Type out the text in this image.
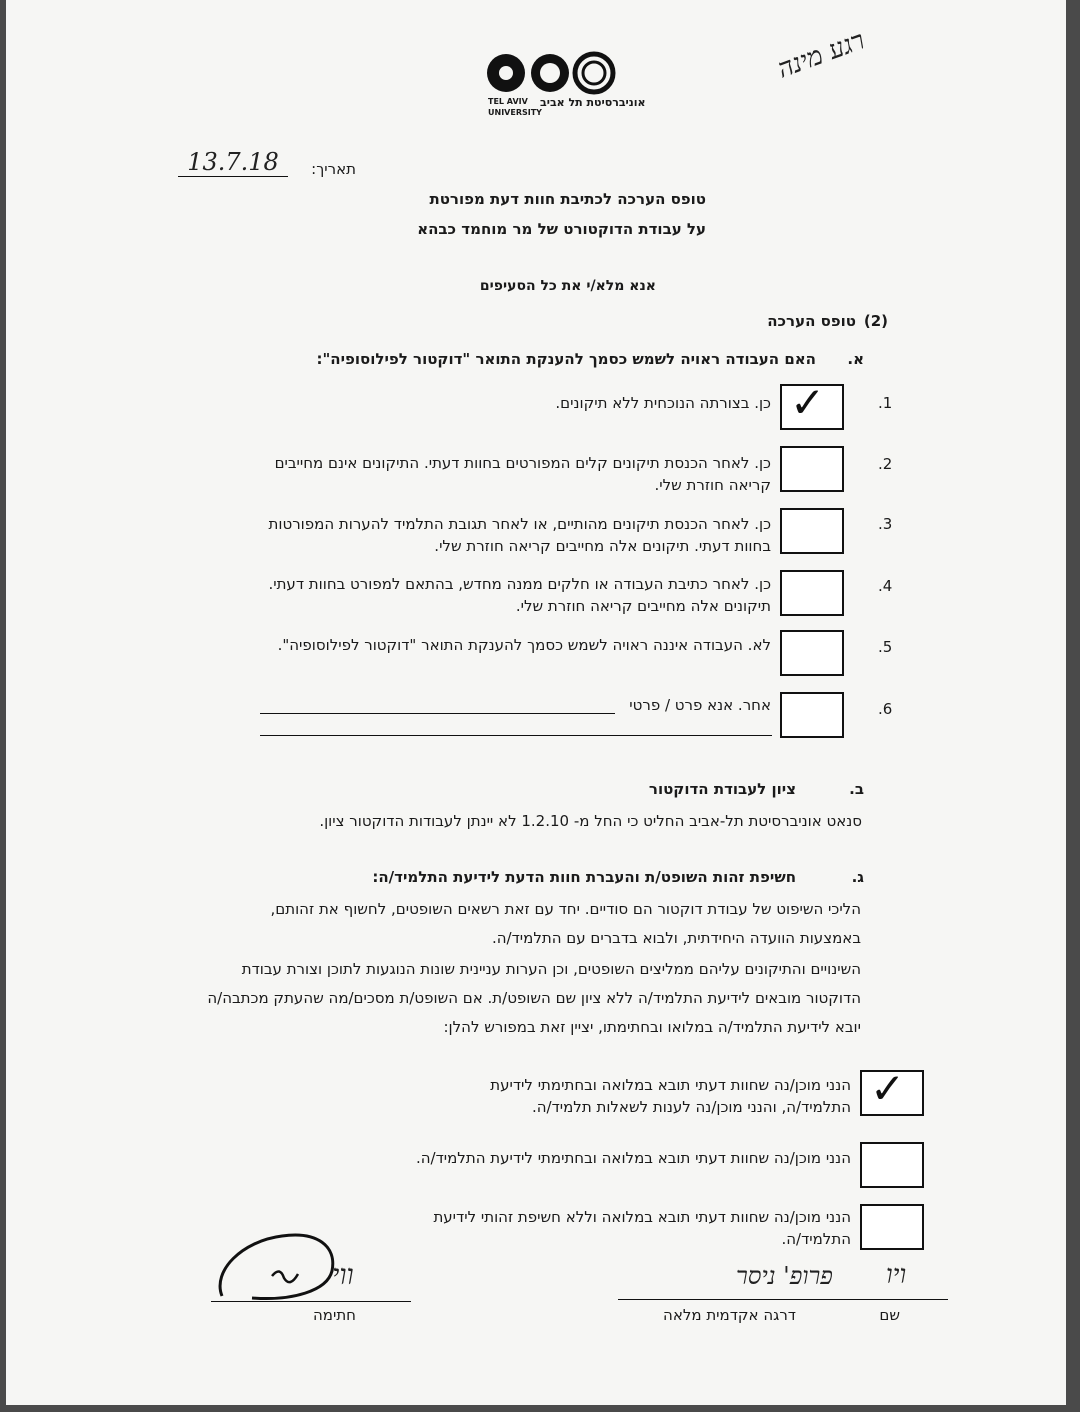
אוניברסיטת תל אביב
TEL AVIV UNIVERSITY
רגע מינה
תאריך:
13.7.18
טופס הערכה לכתיבת חוות דעת מפורטת
על עבודת הדוקטורט של מר מוחמד כבהא
אנא מלא/י את כל הסעיפים
(2)
טופס הערכה
א.
האם העבודה ראויה לשמש כסמך להענקת התואר "דוקטור לפילוסופיה":
.1
✓
כן. בצורתה הנוכחית ללא תיקונים.
.2
כן. לאחר הכנסת תיקונים קלים המפורטים בחוות דעתי. התיקונים אינם מחייבים קריאה חוזרת שלי.
.3
כן. לאחר הכנסת תיקונים מהותיים, או לאחר תגובת התלמיד להערות המפורטות בחוות דעתי. תיקונים אלה מחייבים קריאה חוזרת שלי.
.4
כן. לאחר כתיבת העבודה או חלקים ממנה מחדש, בהתאם למפורט בחוות דעתי. תיקונים אלה מחייבים קריאה חוזרת שלי.
.5
לא. העבודה איננה ראויה לשמש כסמך להענקת התואר "דוקטור לפילוסופיה".
.6
אחר. אנא פרט / פרטי
ב.
ציון לעבודת הדוקטור
סנאט אוניברסיטת תל-אביב החליט כי החל מ- 1.2.10 לא יינתן לעבודות הדוקטור ציון.
ג.
חשיפת זהות השופט/ת והעברת חוות הדעת לידיעת התלמיד/ה:
הליכי השיפוט של עבודת דוקטור הם סודיים. יחד עם זאת רשאים השופטים, לחשוף את זהותם, באמצעות הוועדה היחידתית, ולבוא בדברים עם התלמיד/ה.
השינויים והתיקונים עליהם ממליצים השופטים, וכן הערות עניינית שונות הנוגעות לתוכן וצורת עבודת הדוקטור מובאים לידיעת התלמיד/ה ללא ציון שם השופט/ת. אם השופט/ת מסכים/מה שהעתק מכתבה/ה יובא לידיעת התלמיד/ה במלואו ובחתימתו, יציין זאת במפורש להלן:
✓
הנני מוכן/נה שחוות דעתי תובא במלואה ובחתימתי לידיעת התלמיד/ה, והנני מוכן/נה לענות לשאלות תלמיד/ה.
הנני מוכן/נה שחוות דעתי תובא במלואה ובחתימתי לידיעת התלמיד/ה.
הנני מוכן/נה שחוות דעתי תובא במלואה וללא חשיפת זהותי לידיעת התלמיד/ה.
ויו
פרופ' ניסר
שם
דרגה אקדמית מלאה
ווי
חתימה
